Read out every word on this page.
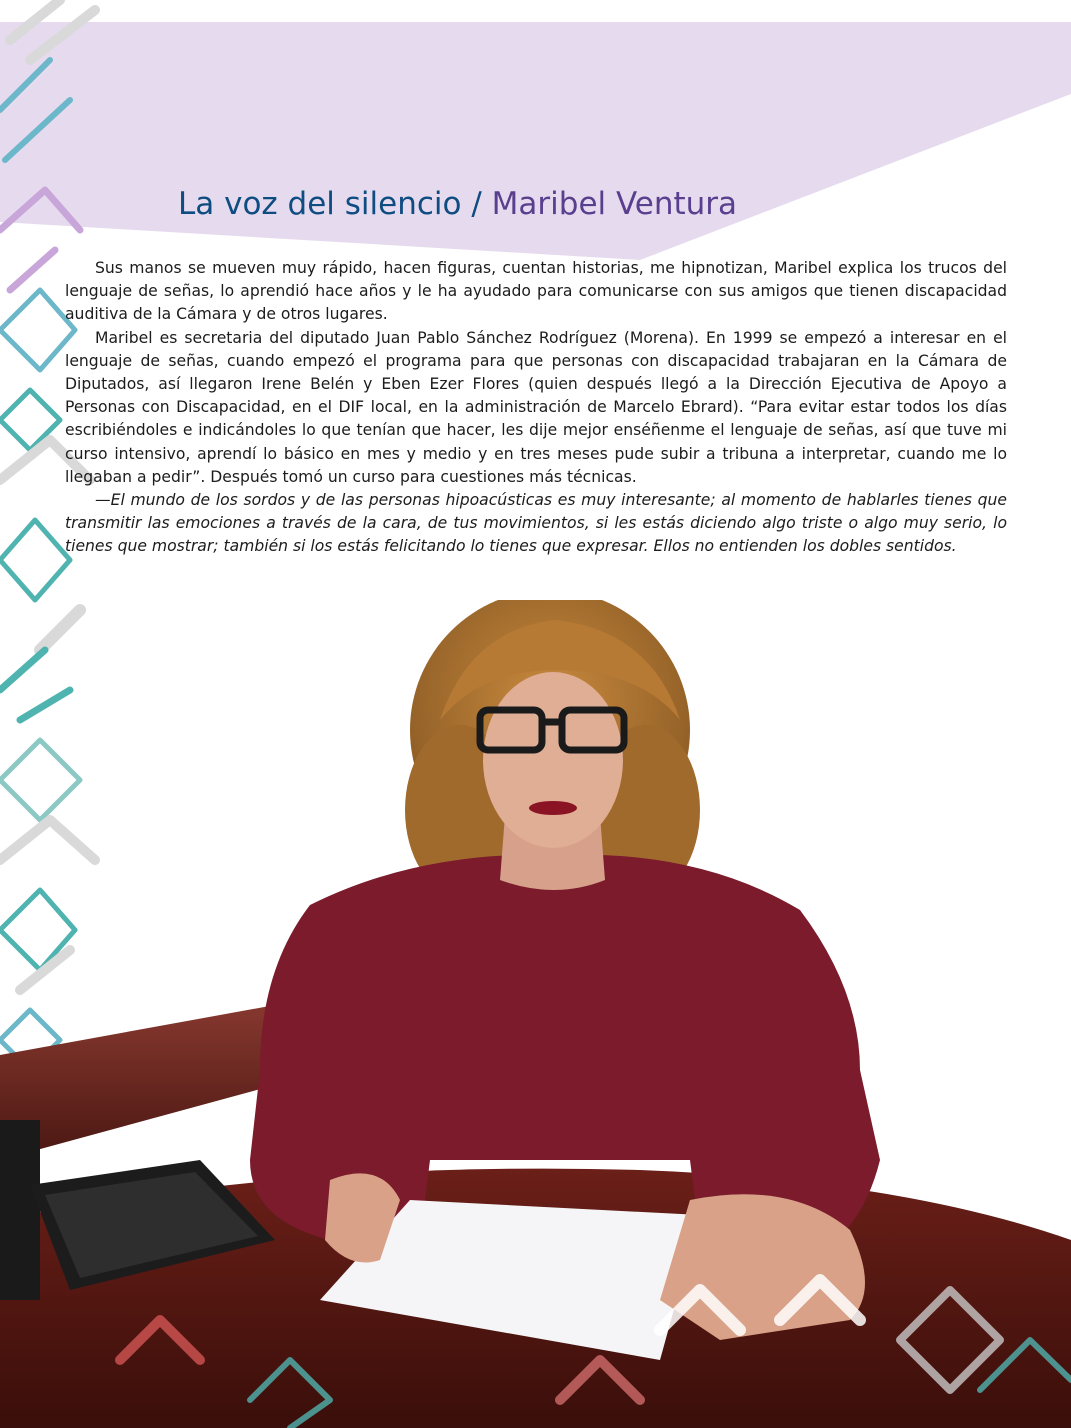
La voz del silencio / Maribel Ventura

Sus manos se mueven muy rápido, hacen figuras, cuentan historias, me hipnotizan, Maribel explica los trucos del lenguaje de señas, lo aprendió hace años y le ha ayudado para comunicarse con sus amigos que tienen discapacidad auditiva de la Cámara y de otros lugares.

Maribel es secretaria del diputado Juan Pablo Sánchez Rodríguez (Morena). En 1999 se empezó a interesar en el lenguaje de señas, cuando empezó el programa para que personas con discapacidad trabajaran en la Cámara de Diputados, así llegaron Irene Belén y Eben Ezer Flores (quien después llegó a la Dirección Ejecutiva de Apoyo a Personas con Discapacidad, en el DIF local, en la administración de Marcelo Ebrard). “Para evitar estar todos los días escribiéndoles e indicándoles lo que tenían que hacer, les dije mejor enséñenme el lenguaje de señas, así que tuve mi curso intensivo, aprendí lo básico en mes y medio y en tres meses pude subir a tribuna a interpretar, cuando me lo llegaban a pedir”. Después tomó un curso para cuestiones más técnicas.

—El mundo de los sordos y de las personas hipoacústicas es muy interesante; al momento de hablarles tienes que transmitir las emociones a través de la cara, de tus movimientos, si les estás diciendo algo triste o algo muy serio, lo tienes que mostrar; también si los estás felicitando lo tienes que expresar. Ellos no entienden los dobles sentidos.
